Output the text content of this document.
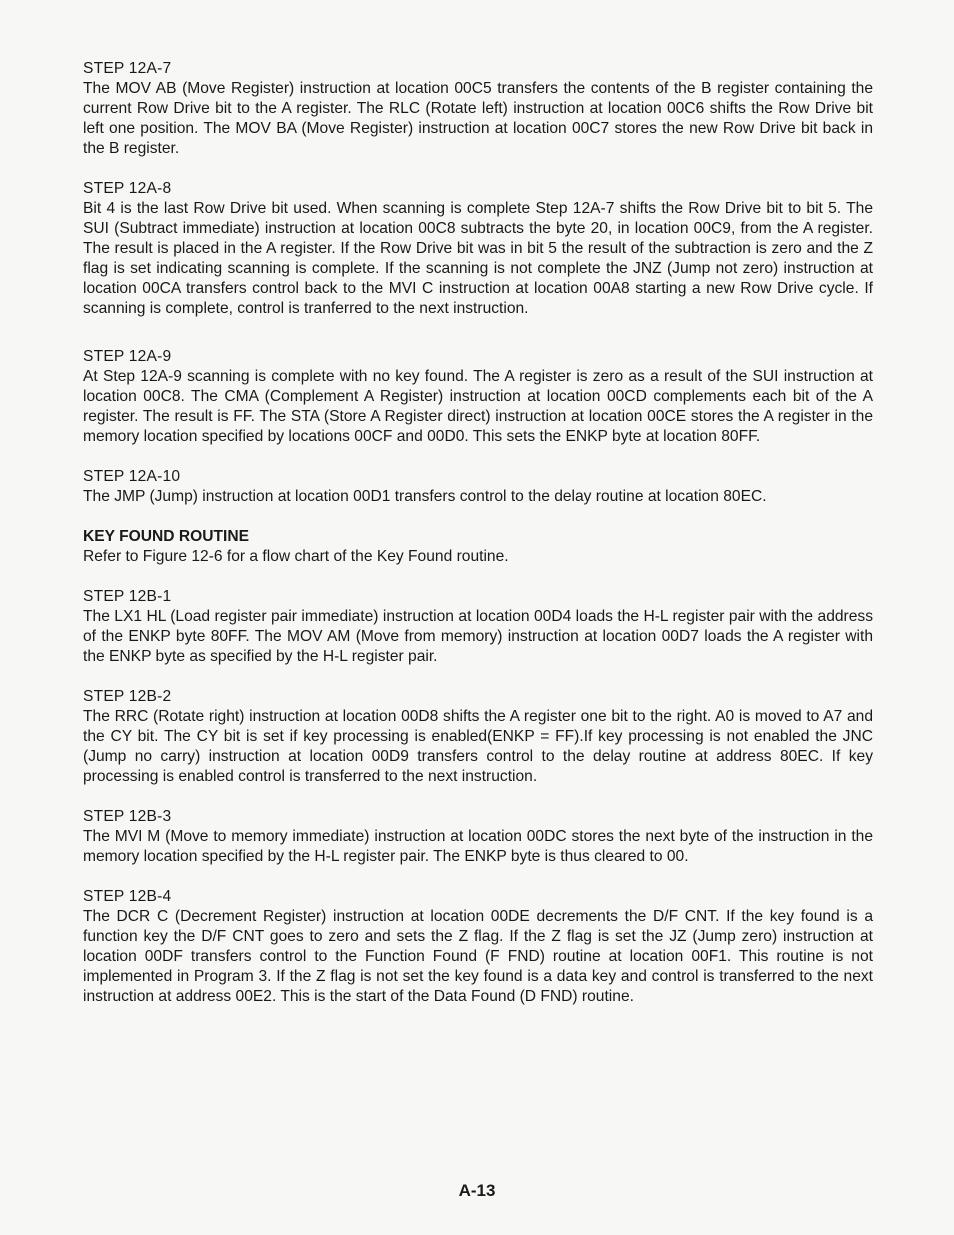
STEP 12A-7

The MOV AB (Move Register) instruction at location 00C5 transfers the contents of the B register containing the current Row Drive bit to the A register. The RLC (Rotate left) instruction at location 00C6 shifts the Row Drive bit left one position. The MOV BA (Move Register) instruction at location 00C7 stores the new Row Drive bit back in the B register.

STEP 12A-8

Bit 4 is the last Row Drive bit used. When scanning is complete Step 12A-7 shifts the Row Drive bit to bit 5. The SUI (Subtract immediate) instruction at location 00C8 subtracts the byte 20, in location 00C9, from the A register. The result is placed in the A register. If the Row Drive bit was in bit 5 the result of the subtraction is zero and the Z flag is set indicating scanning is complete. If the scanning is not complete the JNZ (Jump not zero) instruction at location 00CA transfers control back to the MVI C instruction at location 00A8 starting a new Row Drive cycle. If scanning is complete, control is tranferred to the next instruction.

STEP 12A-9

At Step 12A-9 scanning is complete with no key found. The A register is zero as a result of the SUI instruction at location 00C8. The CMA (Complement A Register) instruction at location 00CD complements each bit of the A register. The result is FF. The STA (Store A Register direct) instruction at location 00CE stores the A register in the memory location specified by locations 00CF and 00D0. This sets the ENKP byte at location 80FF.

STEP 12A-10

The JMP (Jump) instruction at location 00D1 transfers control to the delay routine at location 80EC.

KEY FOUND ROUTINE

Refer to Figure 12-6 for a flow chart of the Key Found routine.

STEP 12B-1

The LX1 HL (Load register pair immediate) instruction at location 00D4 loads the H-L register pair with the address of the ENKP byte 80FF. The MOV AM (Move from memory) instruction at location 00D7 loads the A register with the ENKP byte as specified by the H-L register pair.

STEP 12B-2

The RRC (Rotate right) instruction at location 00D8 shifts the A register one bit to the right. A0 is moved to A7 and the CY bit. The CY bit is set if key processing is enabled(ENKP = FF).If key processing is not enabled the JNC (Jump no carry) instruction at location 00D9 transfers control to the delay routine at address 80EC. If key processing is enabled control is transferred to the next instruction.

STEP 12B-3

The MVI M (Move to memory immediate) instruction at location 00DC stores the next byte of the instruction in the memory location specified by the H-L register pair. The ENKP byte is thus cleared to 00.

STEP 12B-4

The DCR C (Decrement Register) instruction at location 00DE decrements the D/F CNT. If the key found is a function key the D/F CNT goes to zero and sets the Z flag. If the Z flag is set the JZ (Jump zero) instruction at location 00DF transfers control to the Function Found (F FND) routine at location 00F1. This routine is not implemented in Program 3. If the Z flag is not set the key found is a data key and control is transferred to the next instruction at address 00E2. This is the start of the Data Found (D FND) routine.

A-13
